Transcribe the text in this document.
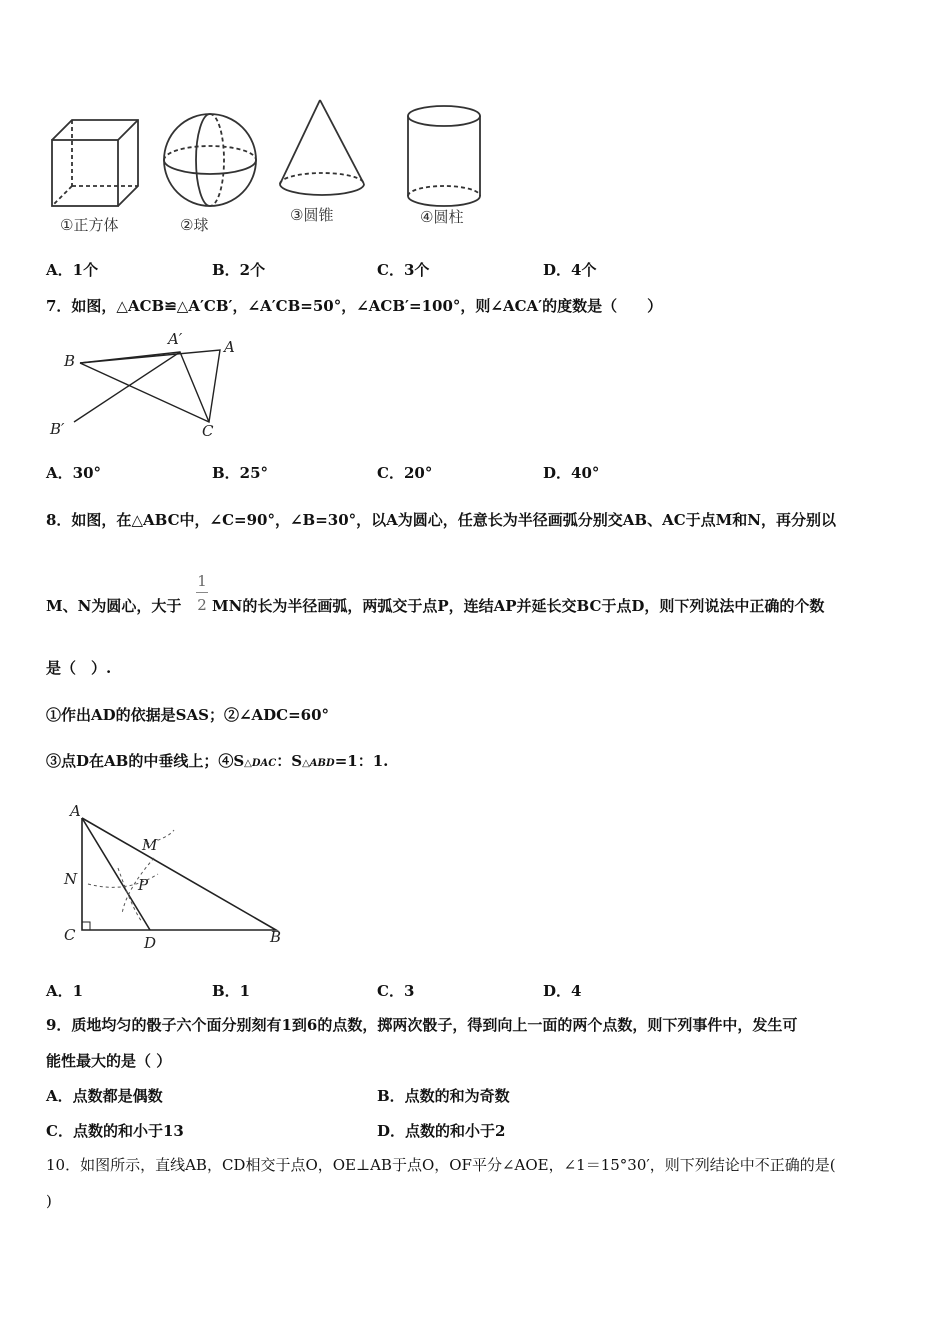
①正方体	②球
③圆锥	④圆柱
A．1个	B．2个	C．3个	D．4个
7．如图，△ACB≌△A′CB′，∠A′CB=50°，∠ACB′=100°，则∠ACA′的度数是（　　）
B
A′	A
B′	C
A．30°	B．25°	C．20°	D．40°
8．如图，在△ABC中，∠C=90°，∠B=30°，以A为圆心，任意长为半径画弧分别交AB、AC于点M和N，再分别以
1
2
M、N为圆心，大于 MN的长为半径画弧，两弧交于点P，连结AP并延长交BC于点D，则下列说法中正确的个数
是（　）.
①作出AD的依据是SAS；②∠ADC=60°
③点D在AB的中垂线上；④S△DAC：S△ABD=1：1.
A
M
N	P
C	D	B
A．1	B．1	C．3	D．4
9．质地均匀的骰子六个面分别刻有1到6的点数，掷两次骰子，得到向上一面的两个点数，则下列事件中，发生可
能性最大的是（ ）
A．点数都是偶数	B．点数的和为奇数
C．点数的和小于13	D．点数的和小于2
10．如图所示，直线AB，CD相交于点O，OE⊥AB于点O，OF平分∠AOE，∠1＝15°30′，则下列结论中不正确的是(
)
